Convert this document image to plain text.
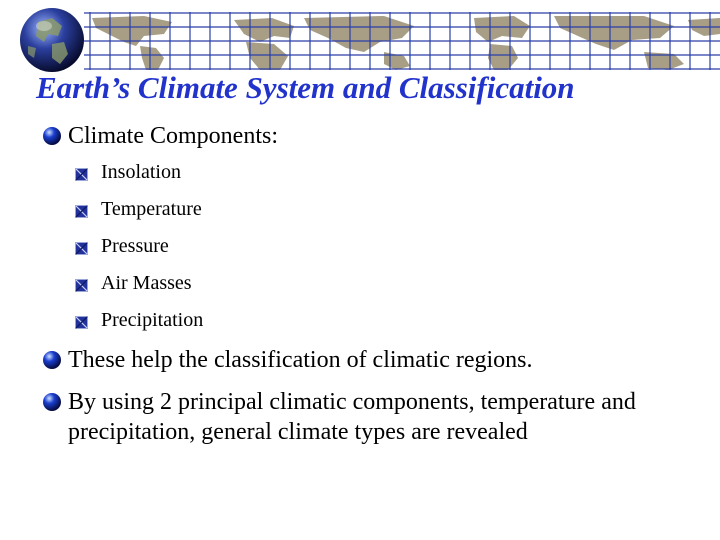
Earth’s Climate System and Classification
Climate Components:
Insolation
Temperature
Pressure
Air Masses
Precipitation
These help the classification of climatic regions.
By using 2 principal climatic components, temperature and precipitation, general climate types are revealed
